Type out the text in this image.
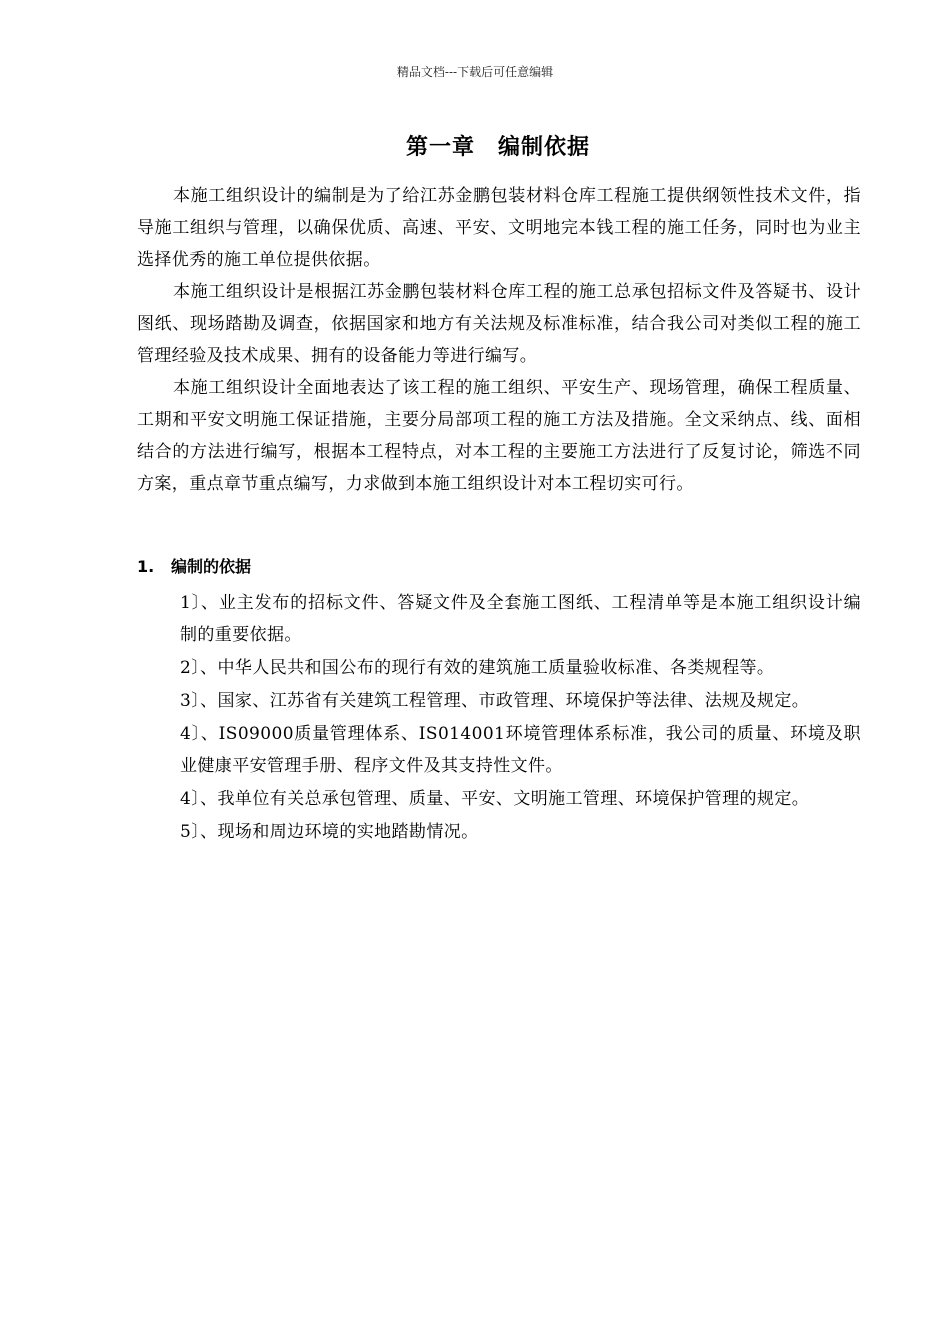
精品文档---下载后可任意编辑
第一章　编制依据

本施工组织设计的编制是为了给江苏金鹏包装材料仓库工程施工提供纲领性技术文件，指导施工组织与管理，以确保优质、高速、平安、文明地完本钱工程的施工任务，同时也为业主选择优秀的施工单位提供依据。

本施工组织设计是根据江苏金鹏包装材料仓库工程的施工总承包招标文件及答疑书、设计图纸、现场踏勘及调查，依据国家和地方有关法规及标准标准，结合我公司对类似工程的施工管理经验及技术成果、拥有的设备能力等进行编写。

本施工组织设计全面地表达了该工程的施工组织、平安生产、现场管理，确保工程质量、工期和平安文明施工保证措施，主要分局部项工程的施工方法及措施。全文采纳点、线、面相结合的方法进行编写，根据本工程特点，对本工程的主要施工方法进行了反复讨论，筛选不同方案，重点章节重点编写，力求做到本施工组织设计对本工程切实可行。

1. 编制的依据
1〕、业主发布的招标文件、答疑文件及全套施工图纸、工程清单等是本施工组织设计编制的重要依据。
2〕、中华人民共和国公布的现行有效的建筑施工质量验收标准、各类规程等。
3〕、国家、江苏省有关建筑工程管理、市政管理、环境保护等法律、法规及规定。
4〕、IS09000质量管理体系、IS014001环境管理体系标准，我公司的质量、环境及职业健康平安管理手册、程序文件及其支持性文件。
4〕、我单位有关总承包管理、质量、平安、文明施工管理、环境保护管理的规定。
5〕、现场和周边环境的实地踏勘情况。
